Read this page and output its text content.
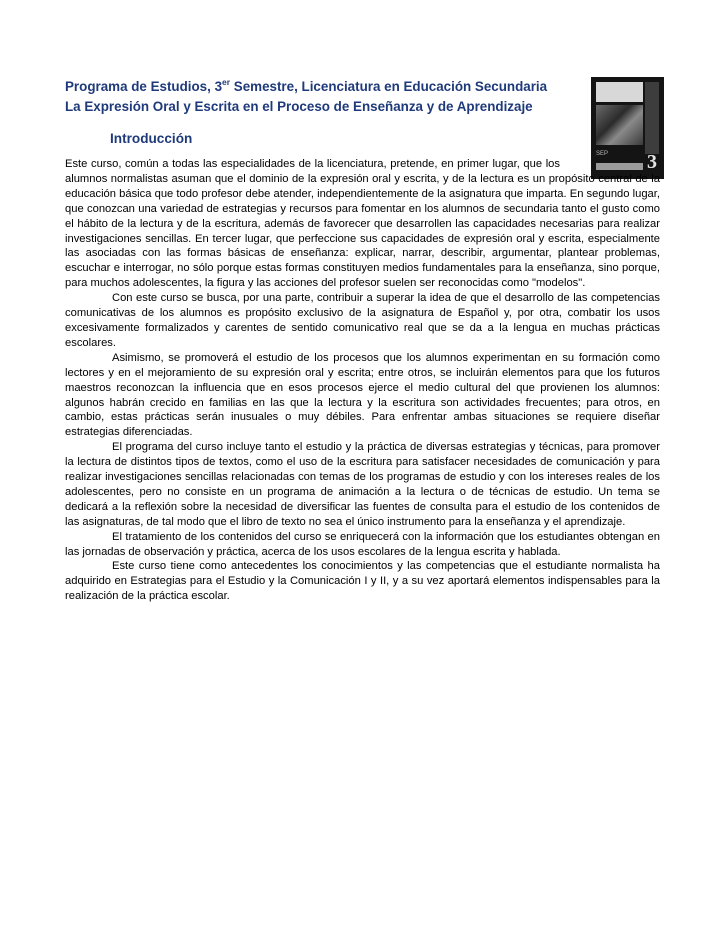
Programa de Estudios, 3er Semestre, Licenciatura en Educación Secundaria
La Expresión Oral y Escrita en el Proceso de Enseñanza y de Aprendizaje
SEP 3
Introducción

Este curso, común a todas las especialidades de la licenciatura, pretende, en primer lugar, que los alumnos normalistas asuman que el dominio de la expresión oral y escrita, y de la lectura es un propósito central de la educación básica que todo profesor debe atender, independientemente de la asignatura que imparta. En segundo lugar, que conozcan una variedad de estrategias y recursos para fomentar en los alumnos de secundaria tanto el gusto como el hábito de la lectura y de la escritura, además de favorecer que desarrollen las capacidades necesarias para realizar investigaciones sencillas. En tercer lugar, que perfeccione sus capacidades de expresión oral y escrita, especialmente las asociadas con las formas básicas de enseñanza: explicar, narrar, describir, argumentar, plantear problemas, escuchar e interrogar, no sólo porque estas formas constituyen medios fundamentales para la enseñanza, sino porque, para muchos adolescentes, la figura y las acciones del profesor suelen ser reconocidas como "modelos".

Con este curso se busca, por una parte, contribuir a superar la idea de que el desarrollo de las competencias comunicativas de los alumnos es propósito exclusivo de la asignatura de Español y, por otra, combatir los usos excesivamente formalizados y carentes de sentido comunicativo real que se da a la lengua en muchas prácticas escolares.

Asimismo, se promoverá el estudio de los procesos que los alumnos experimentan en su formación como lectores y en el mejoramiento de su expresión oral y escrita; entre otros, se incluirán elementos para que los futuros maestros reconozcan la influencia que en esos procesos ejerce el medio cultural del que provienen los alumnos: algunos habrán crecido en familias en las que la lectura y la escritura son actividades frecuentes; para otros, en cambio, estas prácticas serán inusuales o muy débiles. Para enfrentar ambas situaciones se requiere diseñar estrategias diferenciadas.

El programa del curso incluye tanto el estudio y la práctica de diversas estrategias y técnicas, para promover la lectura de distintos tipos de textos, como el uso de la escritura para satisfacer necesidades de comunicación y para realizar investigaciones sencillas relacionadas con temas de los programas de estudio y con los intereses reales de los adolescentes, pero no consiste en un programa de animación a la lectura o de técnicas de estudio. Un tema se dedicará a la reflexión sobre la necesidad de diversificar las fuentes de consulta para el estudio de los contenidos de las asignaturas, de tal modo que el libro de texto no sea el único instrumento para la enseñanza y el aprendizaje.

El tratamiento de los contenidos del curso se enriquecerá con la información que los estudiantes obtengan en las jornadas de observación y práctica, acerca de los usos escolares de la lengua escrita y hablada.

Este curso tiene como antecedentes los conocimientos y las competencias que el estudiante normalista ha adquirido en Estrategias para el Estudio y la Comunicación I y II, y a su vez aportará elementos indispensables para la realización de la práctica escolar.
